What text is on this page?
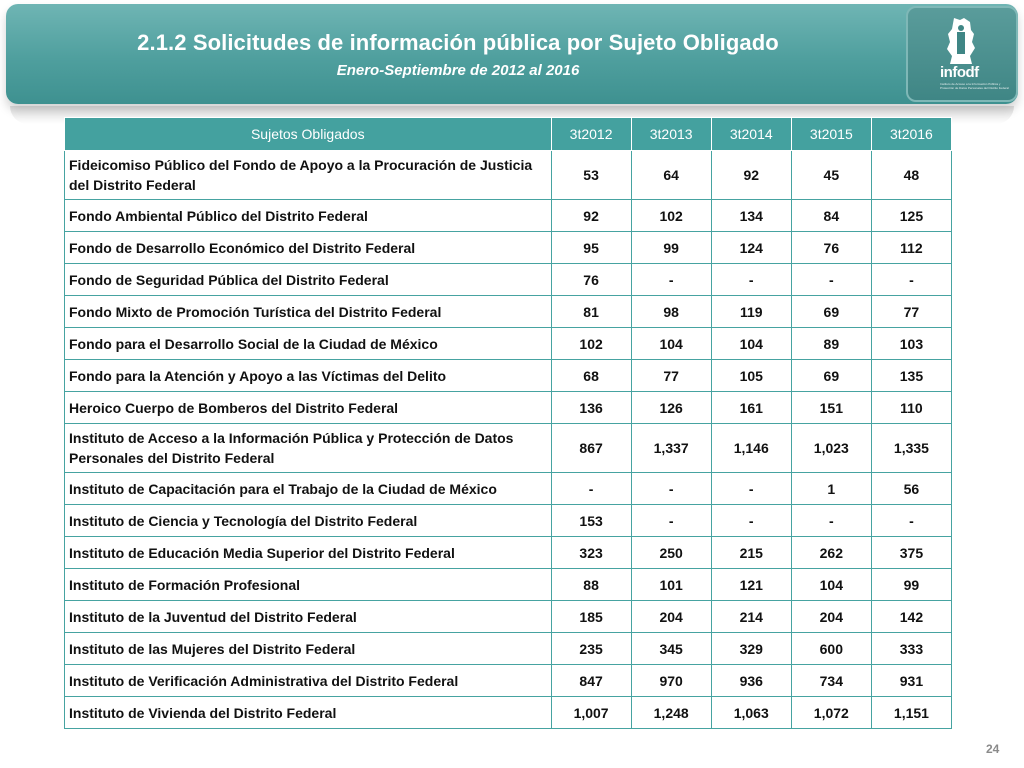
2.1.2 Solicitudes de información pública por Sujeto Obligado
Enero-Septiembre de 2012 al 2016	infodf
Instituto de Acceso a la Información Pública y Protección de Datos Personales del Distrito Federal
Sujetos Obligados	3t2012	3t2013	3t2014	3t2015	3t2016
Fideicomiso Público del Fondo de Apoyo a la Procuración de Justicia del Distrito Federal	53	64	92	45	48
Fondo Ambiental Público del Distrito Federal	92	102	134	84	125
Fondo de Desarrollo Económico del Distrito Federal	95	99	124	76	112
Fondo de Seguridad Pública del Distrito Federal	76	-	-	-	-
Fondo Mixto de Promoción Turística del Distrito Federal	81	98	119	69	77
Fondo para el Desarrollo Social de la Ciudad de México	102	104	104	89	103
Fondo para la Atención y Apoyo a las Víctimas del Delito	68	77	105	69	135
Heroico Cuerpo de Bomberos del Distrito Federal	136	126	161	151	110
Instituto de Acceso a la Información Pública y Protección de Datos Personales del Distrito Federal	867	1,337	1,146	1,023	1,335
Instituto de Capacitación para el Trabajo de la Ciudad de México	-	-	-	1	56
Instituto de Ciencia y Tecnología del Distrito Federal	153	-	-	-	-
Instituto de Educación Media Superior del Distrito Federal	323	250	215	262	375
Instituto de Formación Profesional	88	101	121	104	99
Instituto de la Juventud del Distrito Federal	185	204	214	204	142
Instituto de las Mujeres del Distrito Federal	235	345	329	600	333
Instituto de Verificación Administrativa del Distrito Federal	847	970	936	734	931
Instituto de Vivienda del Distrito Federal	1,007	1,248	1,063	1,072	1,151
24
